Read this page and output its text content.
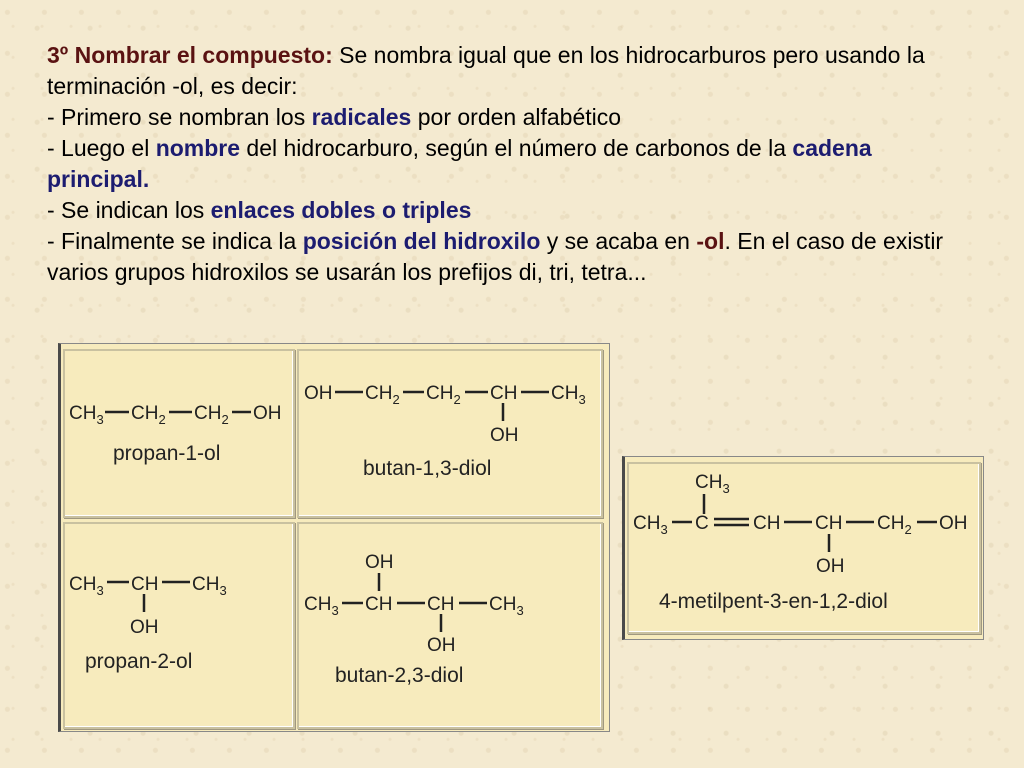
3º Nombrar el compuesto: Se nombra igual que en los hidrocarburos pero usando la terminación -ol, es decir:

- Primero se nombran los radicales por orden alfabético

- Luego el nombre del hidrocarburo, según el número de carbonos de la cadena principal.

- Se indican los enlaces dobles o triples

- Finalmente se indica la posición del hidroxilo y se acaba en -ol. En el caso de existir varios grupos hidroxilos se usarán los prefijos di, tri, tetra...

$CH_3$ $CH_2$ $CH_2$ OH
propan-1-ol
OH $CH_2$ $CH_2$ CH $CH_3$
OH
butan-1,3-diol
$CH_3$ CH $CH_3$
OH
propan-2-ol
OH
$CH_3$ CH CH $CH_3$
OH
butan-2,3-diol
$CH_3$
$CH_3$ C CH CH $CH_2$ OH
OH
4-metilpent-3-en-1,2-diol
